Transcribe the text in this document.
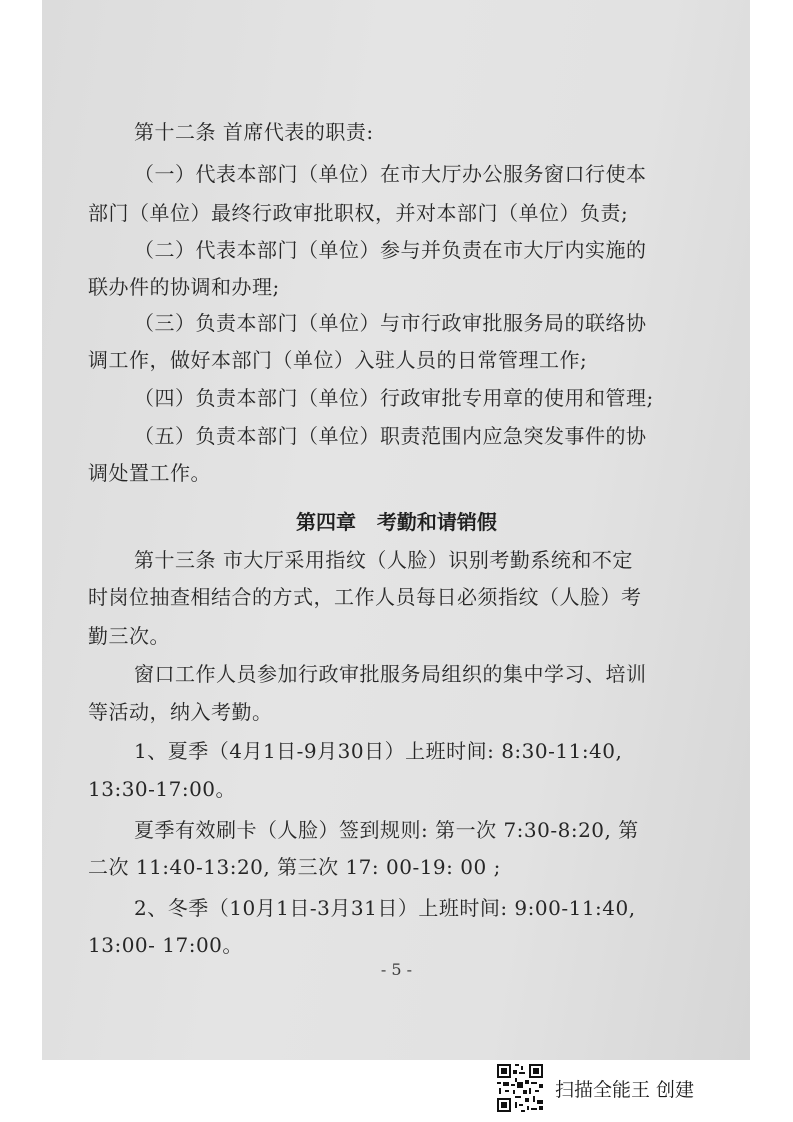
第十二条 首席代表的职责:

（一）代表本部门（单位）在市大厅办公服务窗口行使本

部门（单位）最终行政审批职权，并对本部门（单位）负责;

（二）代表本部门（单位）参与并负责在市大厅内实施的

联办件的协调和办理;

（三）负责本部门（单位）与市行政审批服务局的联络协

调工作，做好本部门（单位）入驻人员的日常管理工作;

（四）负责本部门（单位）行政审批专用章的使用和管理;

（五）负责本部门（单位）职责范围内应急突发事件的协

调处置工作。

第四章   考勤和请销假

第十三条 市大厅采用指纹（人脸）识别考勤系统和不定

时岗位抽查相结合的方式，工作人员每日必须指纹（人脸）考

勤三次。

窗口工作人员参加行政审批服务局组织的集中学习、培训

等活动，纳入考勤。

1、夏季（4月1日-9月30日）上班时间: 8:30-11:40,

13:30-17:00。

夏季有效刷卡（人脸）签到规则: 第一次 7:30-8:20, 第

二次 11:40-13:20, 第三次 17: 00-19: 00 ;

2、冬季（10月1日-3月31日）上班时间: 9:00-11:40,

13:00- 17:00。

- 5 -
扫描全能王 创建
